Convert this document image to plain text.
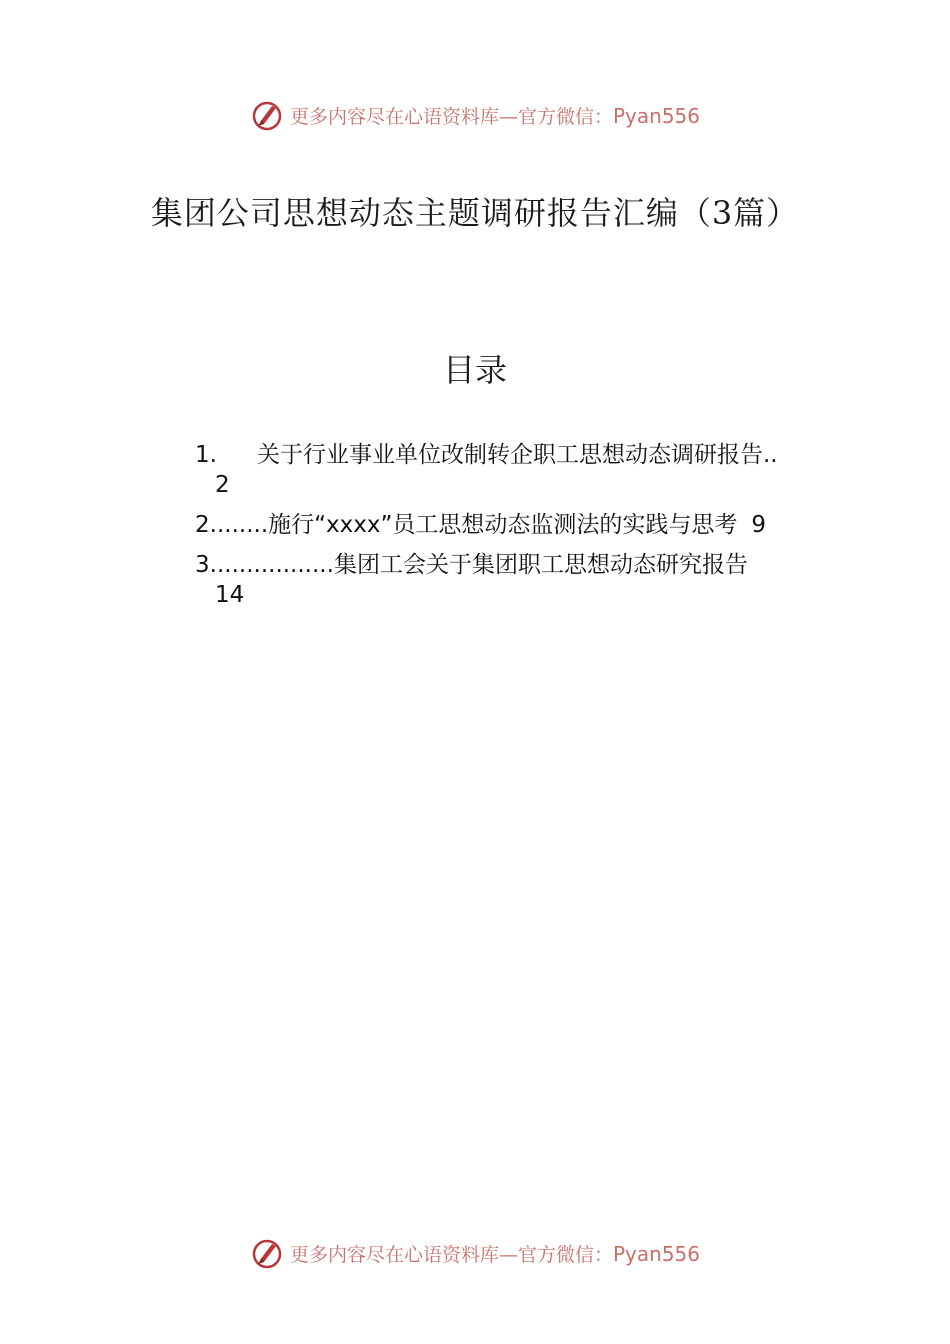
更多内容尽在心语资料库—官方微信：Pyan556
集团公司思想动态主题调研报告汇编（3篇）
目录
1. 关于行业事业单位改制转企职工思想动态调研报告..
2
2........施行“xxxx”员工思想动态监测法的实践与思考 9
3.................集团工会关于集团职工思想动态研究报告
14
更多内容尽在心语资料库—官方微信：Pyan556
